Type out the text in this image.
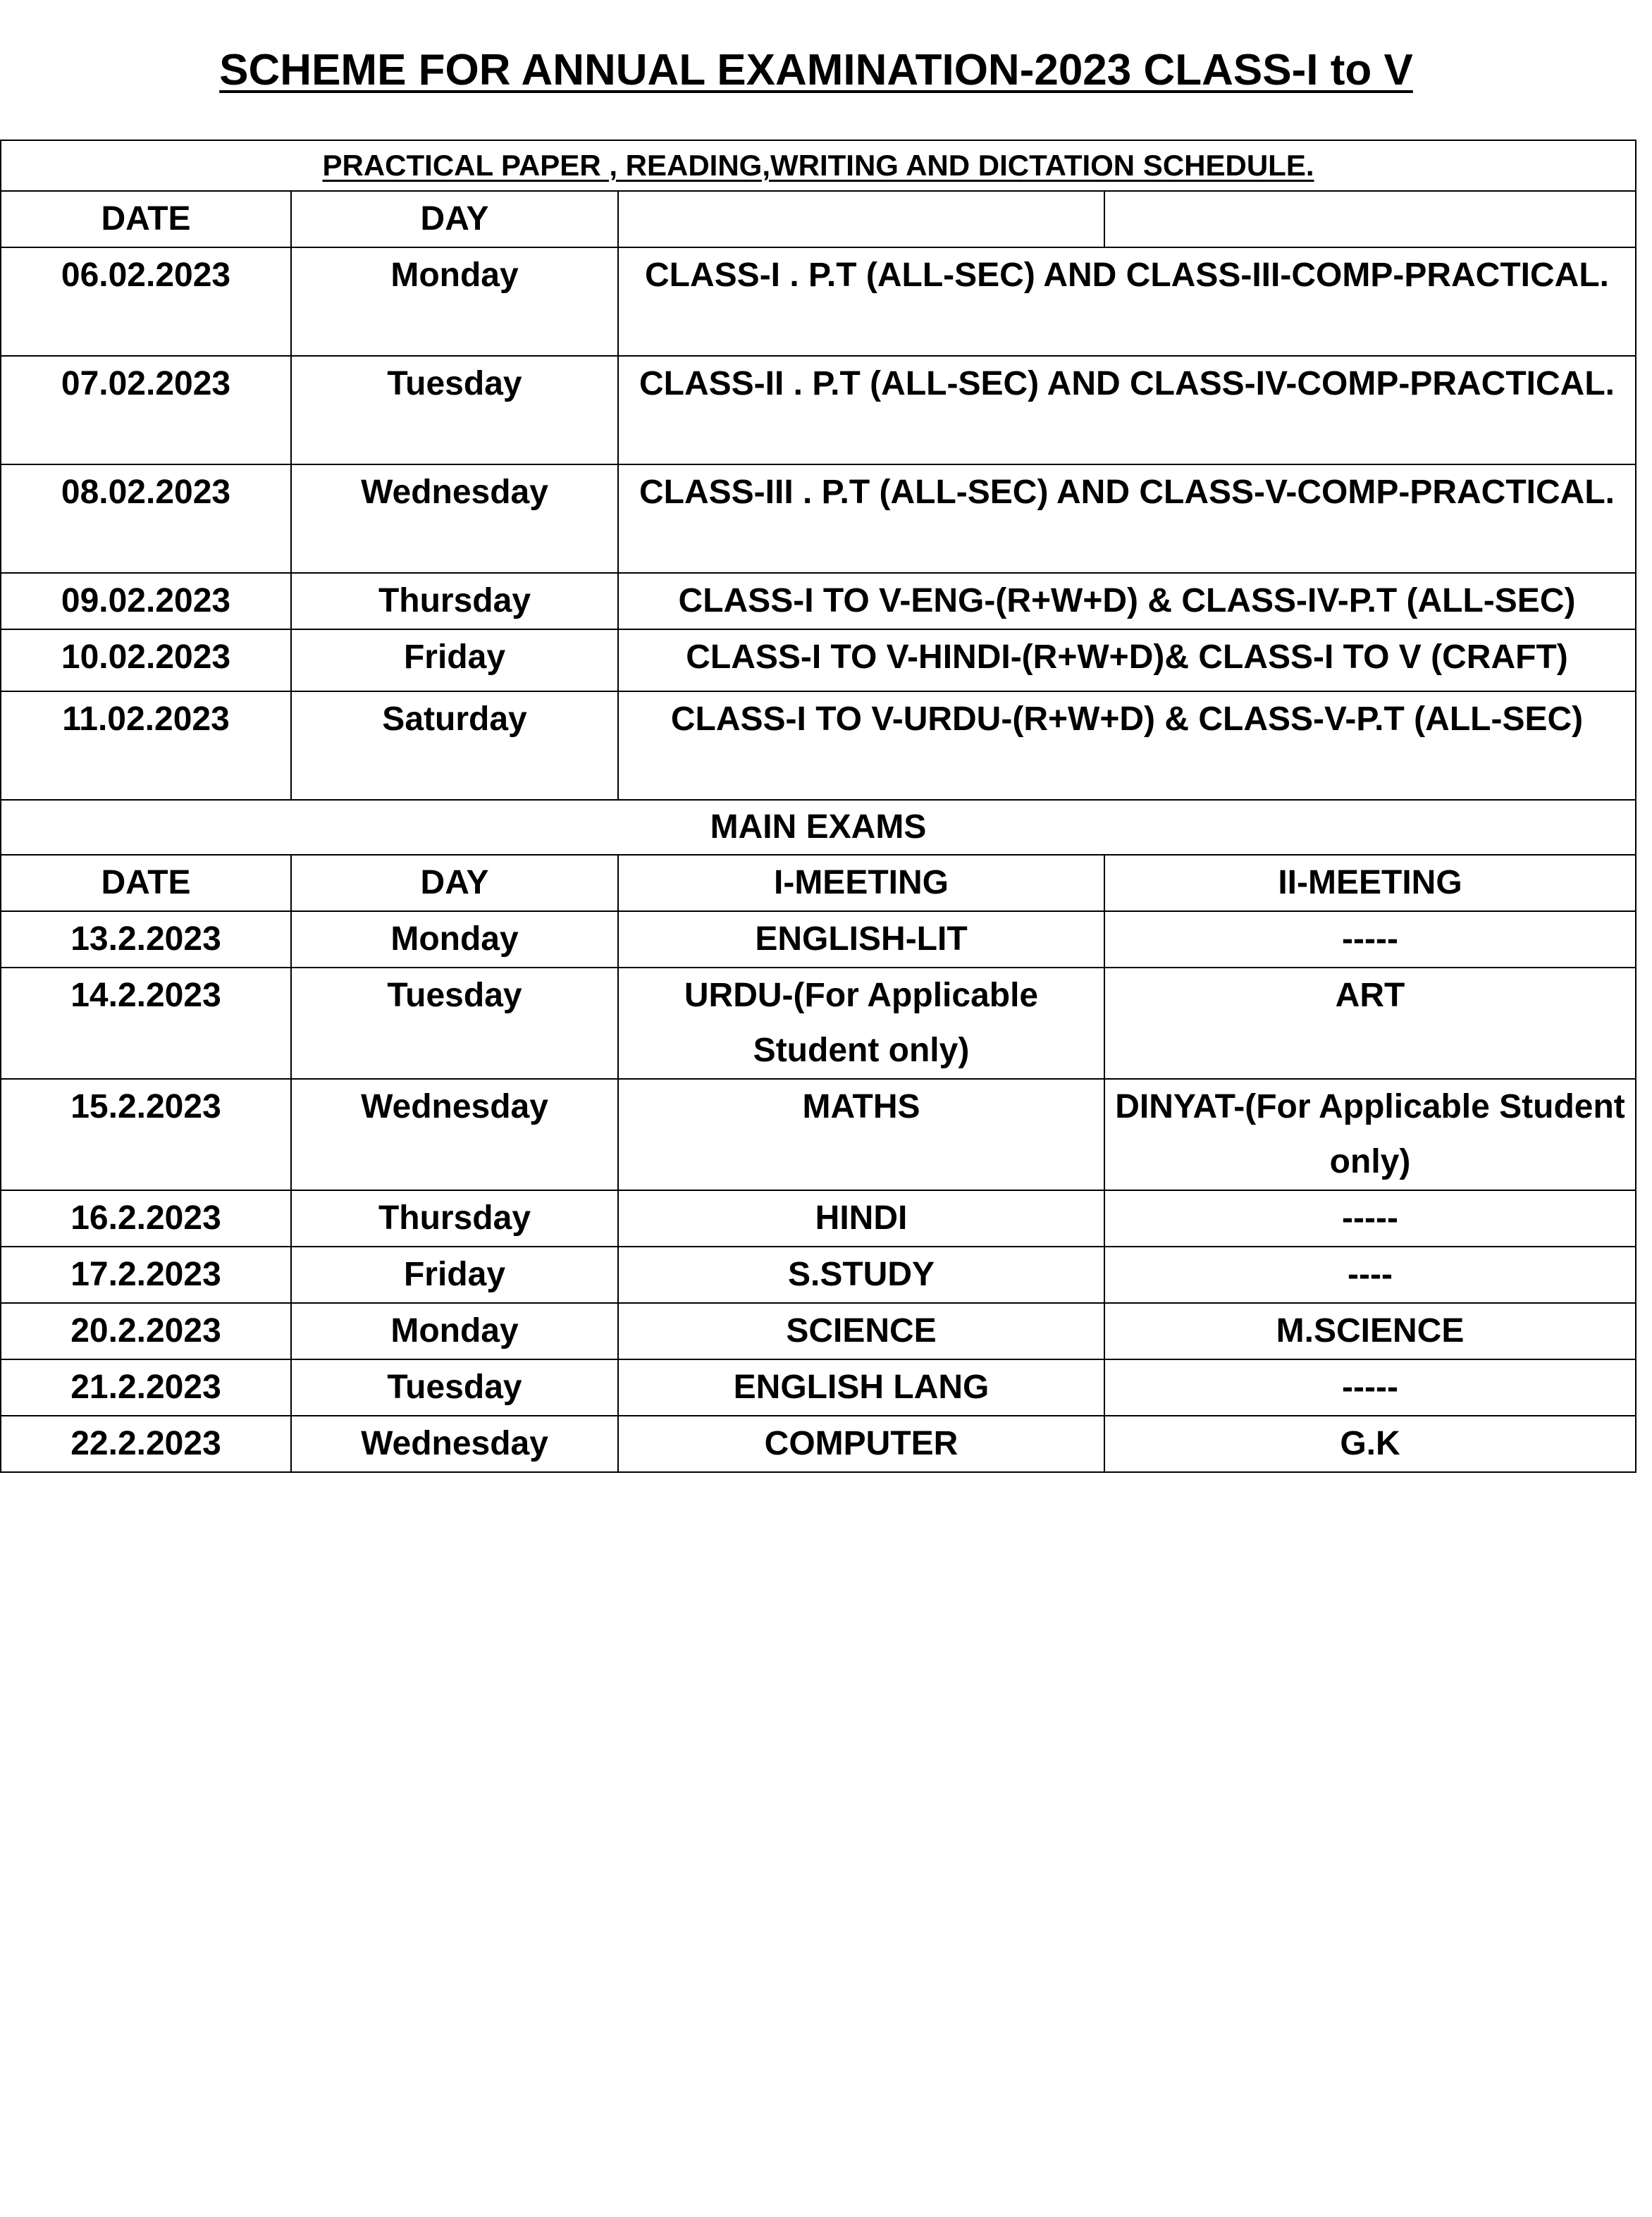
SCHEME FOR ANNUAL EXAMINATION-2023 CLASS-I to V
PRACTICAL PAPER , READING,WRITING AND DICTATION SCHEDULE.			
DATE	DAY		
06.02.2023	Monday	CLASS-I . P.T (ALL-SEC) AND CLASS-III-COMP-PRACTICAL.	
07.02.2023	Tuesday	CLASS-II . P.T (ALL-SEC) AND CLASS-IV-COMP-PRACTICAL.	
08.02.2023	Wednesday	CLASS-III . P.T (ALL-SEC) AND CLASS-V-COMP-PRACTICAL.	
09.02.2023	Thursday	CLASS-I TO V-ENG-(R+W+D) & CLASS-IV-P.T (ALL-SEC)	
10.02.2023	Friday	CLASS-I TO V-HINDI-(R+W+D)& CLASS-I TO V (CRAFT)	
11.02.2023	Saturday	CLASS-I TO V-URDU-(R+W+D) & CLASS-V-P.T (ALL-SEC)	
MAIN EXAMS			
DATE	DAY	I-MEETING	II-MEETING
13.2.2023	Monday	ENGLISH-LIT	-----
14.2.2023	Tuesday	URDU-(For Applicable Student only)	ART
15.2.2023	Wednesday	MATHS	DINYAT-(For Applicable Student only)
16.2.2023	Thursday	HINDI	-----
17.2.2023	Friday	S.STUDY	----
20.2.2023	Monday	SCIENCE	M.SCIENCE
21.2.2023	Tuesday	ENGLISH LANG	-----
22.2.2023	Wednesday	COMPUTER	G.K
